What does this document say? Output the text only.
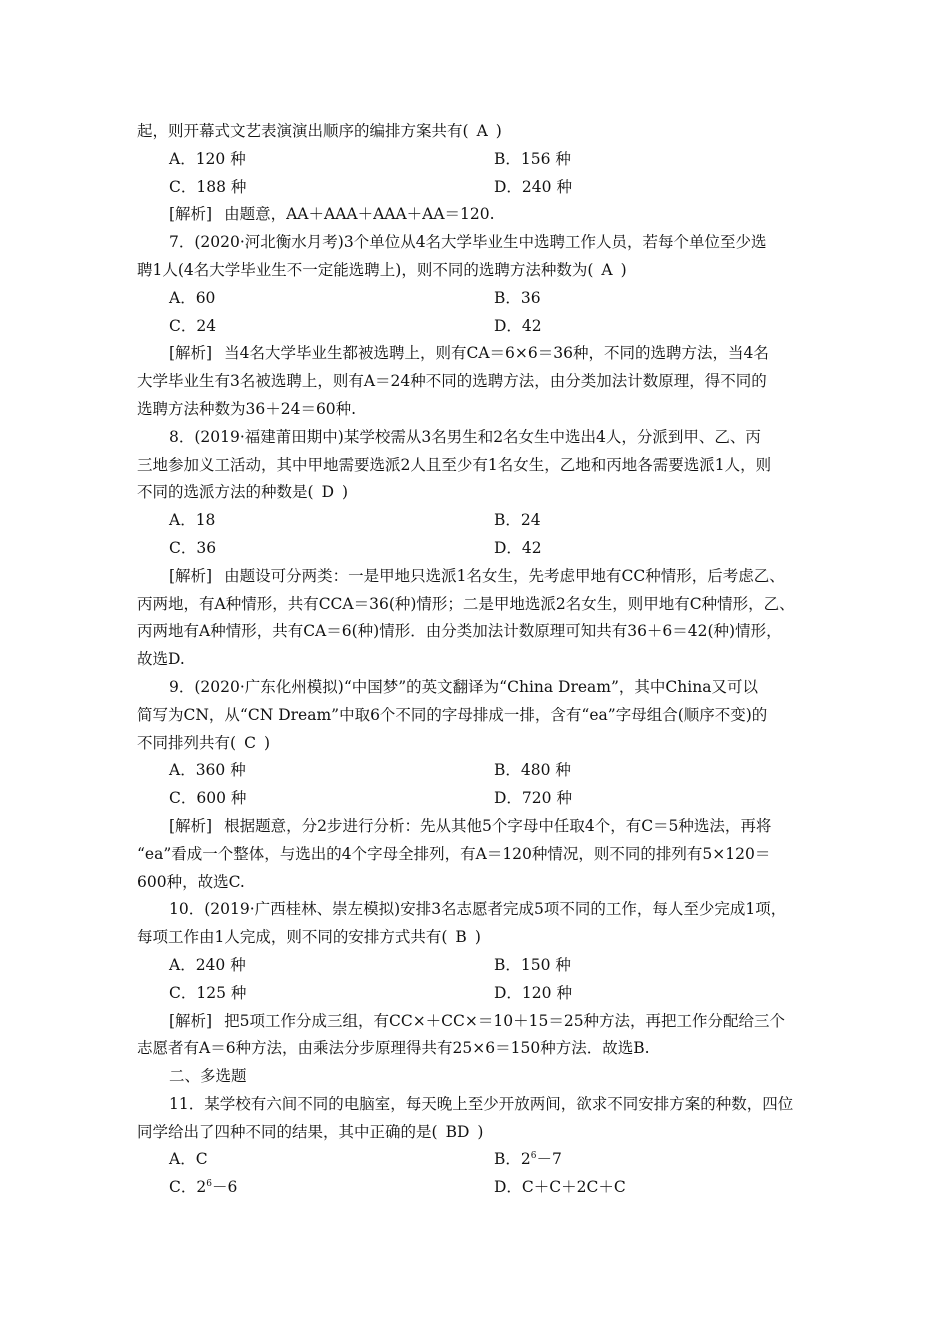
起，则开幕式文艺表演演出顺序的编排方案共有( A )
A．120 种	B．156 种
C．188 种	D．240 种
[解析] 由题意，AA＋AAA＋AAA＋AA＝120.
7．(2020·河北衡水月考)3个单位从4名大学毕业生中选聘工作人员，若每个单位至少选
聘1人(4名大学毕业生不一定能选聘上)，则不同的选聘方法种数为( A )
A．60	B．36
C．24	D．42
[解析] 当4名大学毕业生都被选聘上，则有CA＝6×6＝36种，不同的选聘方法，当4名
大学毕业生有3名被选聘上，则有A＝24种不同的选聘方法，由分类加法计数原理，得不同的
选聘方法种数为36＋24＝60种.
8．(2019·福建莆田期中)某学校需从3名男生和2名女生中选出4人，分派到甲、乙、丙
三地参加义工活动，其中甲地需要选派2人且至少有1名女生，乙地和丙地各需要选派1人，则
不同的选派方法的种数是( D )
A．18	B．24
C．36	D．42
[解析] 由题设可分两类：一是甲地只选派1名女生，先考虑甲地有CC种情形，后考虑乙、
丙两地，有A种情形，共有CCA＝36(种)情形；二是甲地选派2名女生，则甲地有C种情形，乙、
丙两地有A种情形，共有CA＝6(种)情形．由分类加法计数原理可知共有36＋6＝42(种)情形，
故选D.
9．(2020·广东化州模拟)“中国梦”的英文翻译为“China Dream”，其中China又可以
简写为CN，从“CN Dream”中取6个不同的字母排成一排，含有“ea”字母组合(顺序不变)的
不同排列共有( C )
A．360 种	B．480 种
C．600 种	D．720 种
[解析] 根据题意，分2步进行分析：先从其他5个字母中任取4个，有C＝5种选法，再将
“ea”看成一个整体，与选出的4个字母全排列，有A＝120种情况，则不同的排列有5×120＝
600种，故选C.
10．(2019·广西桂林、崇左模拟)安排3名志愿者完成5项不同的工作，每人至少完成1项，
每项工作由1人完成，则不同的安排方式共有( B )
A．240 种	B．150 种
C．125 种	D．120 种
[解析] 把5项工作分成三组，有CC×＋CC×＝10＋15＝25种方法，再把工作分配给三个
志愿者有A＝6种方法，由乘法分步原理得共有25×6＝150种方法．故选B.
二、多选题
11．某学校有六间不同的电脑室，每天晚上至少开放两间，欲求不同安排方案的种数，四位
同学给出了四种不同的结果，其中正确的是( BD )
A．C	B．$2^6-7$
C．$2^6-6$	D．C＋C＋2C＋C
